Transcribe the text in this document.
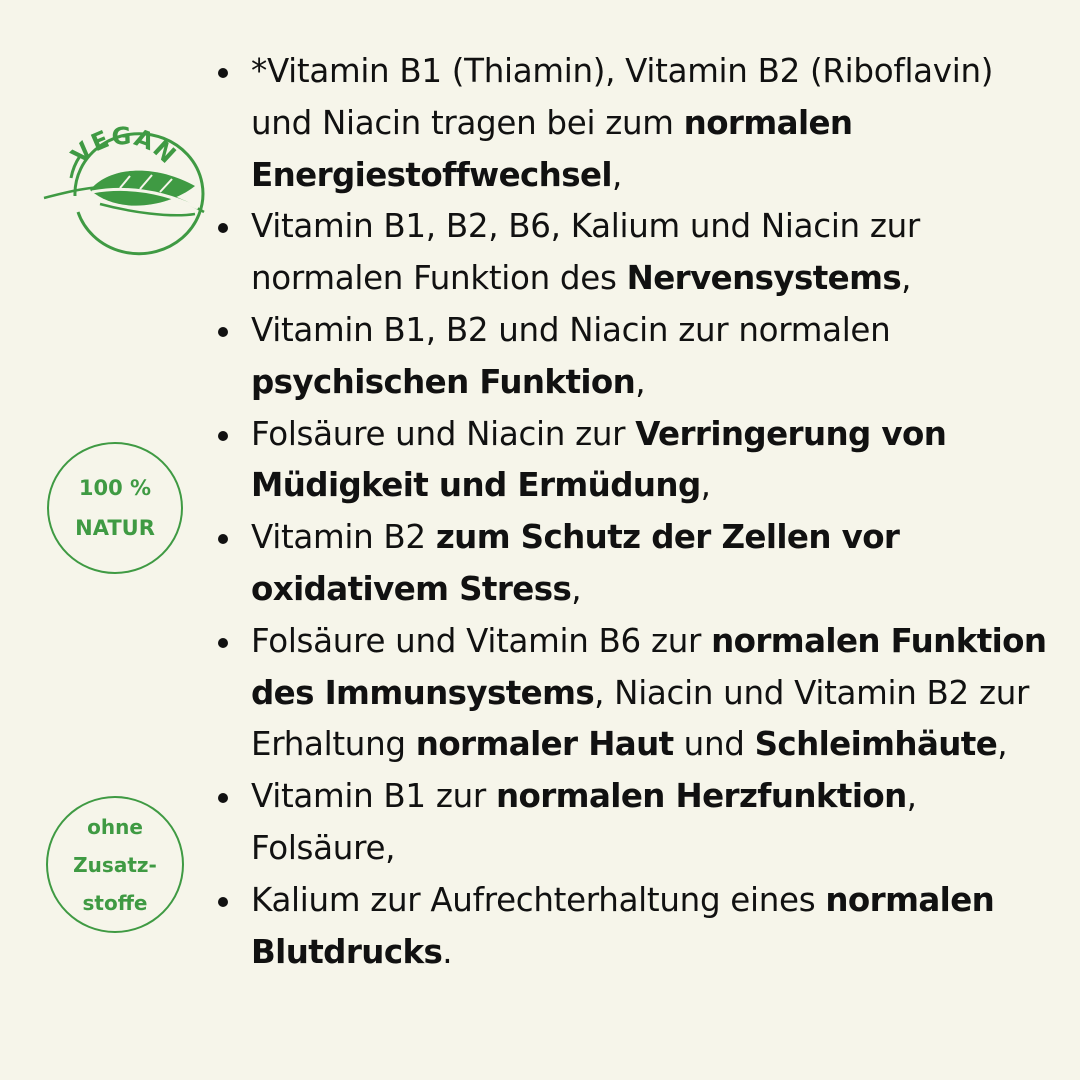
VEGAN
100 %
NATUR
ohne
Zusatz-
stoffe
*Vitamin B1 (Thiamin), Vitamin B2 (Riboflavin) und Niacin tragen bei zum normalen Energiestoffwechsel,
Vitamin B1, B2, B6, Kalium und Niacin zur normalen Funktion des Nervensystems,
Vitamin B1, B2 und Niacin zur normalen psychischen Funktion,
Folsäure und Niacin zur Verringerung von Müdigkeit und Ermüdung,
Vitamin B2 zum Schutz der Zellen vor oxidativem Stress,
Folsäure und Vitamin B6 zur normalen Funktion des Immunsystems, Niacin und Vitamin B2 zur Erhaltung normaler Haut und Schleimhäute,
Vitamin B1 zur normalen Herzfunktion, Folsäure,
Kalium zur Aufrechterhaltung eines normalen Blutdrucks.
